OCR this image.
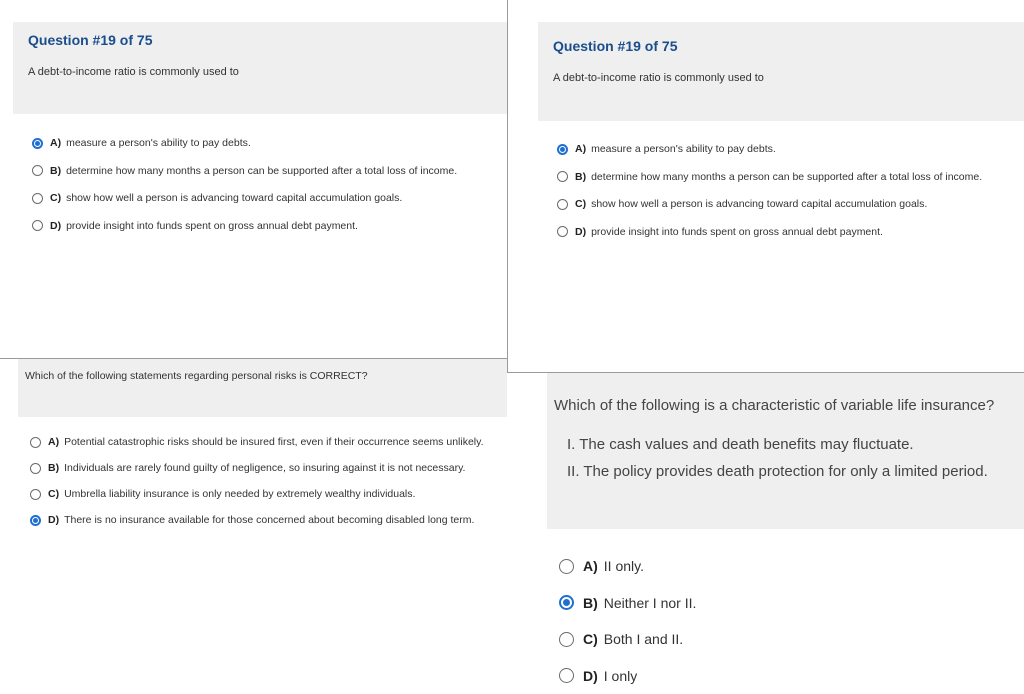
Question #19 of 75
A debt-to-income ratio is commonly used to
A) measure a person's ability to pay debts.
B) determine how many months a person can be supported after a total loss of income.
C) show how well a person is advancing toward capital accumulation goals.
D) provide insight into funds spent on gross annual debt payment.
Question #19 of 75
A debt-to-income ratio is commonly used to
A) measure a person's ability to pay debts.
B) determine how many months a person can be supported after a total loss of income.
C) show how well a person is advancing toward capital accumulation goals.
D) provide insight into funds spent on gross annual debt payment.
Which of the following statements regarding personal risks is CORRECT?
A) Potential catastrophic risks should be insured first, even if their occurrence seems unlikely.
B) Individuals are rarely found guilty of negligence, so insuring against it is not necessary.
C) Umbrella liability insurance is only needed by extremely wealthy individuals.
D) There is no insurance available for those concerned about becoming disabled long term.
Which of the following is a characteristic of variable life insurance?
I. The cash values and death benefits may fluctuate.
II. The policy provides death protection for only a limited period.
A) II only.
B) Neither I nor II.
C) Both I and II.
D) I only
